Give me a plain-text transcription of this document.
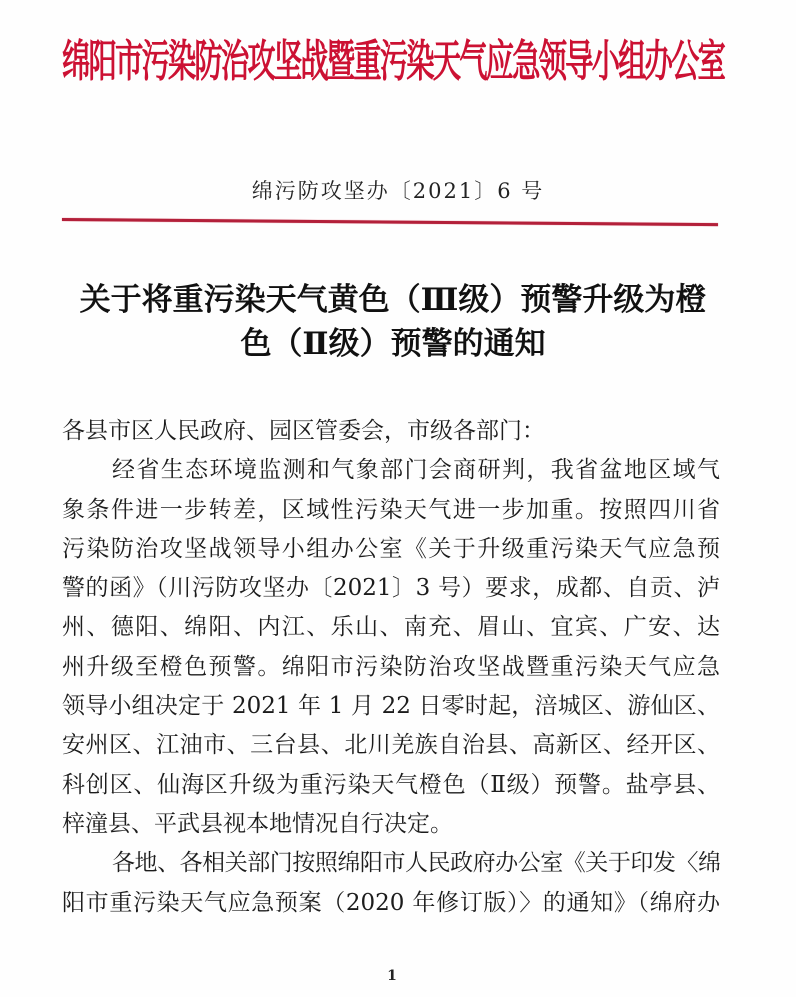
绵阳市污染防治攻坚战暨重污染天气应急领导小组办公室
绵污防攻坚办〔2021〕6 号
关于将重污染天气黄色（Ⅲ级）预警升级为橙
色（Ⅱ级）预警的通知
各县市区人民政府、园区管委会，市级各部门：
经省生态环境监测和气象部门会商研判，我省盆地区域气
象条件进一步转差，区域性污染天气进一步加重。按照四川省
污染防治攻坚战领导小组办公室《关于升级重污染天气应急预
警的函》（川污防攻坚办〔2021〕3 号）要求，成都、自贡、泸
州、德阳、绵阳、内江、乐山、南充、眉山、宜宾、广安、达
州升级至橙色预警。绵阳市污染防治攻坚战暨重污染天气应急
领导小组决定于 2021 年 1 月 22 日零时起，涪城区、游仙区、
安州区、江油市、三台县、北川羌族自治县、高新区、经开区、
科创区、仙海区升级为重污染天气橙色（Ⅱ级）预警。盐亭县、
梓潼县、平武县视本地情况自行决定。
各地、各相关部门按照绵阳市人民政府办公室《关于印发〈绵
阳市重污染天气应急预案（2020 年修订版）〉的通知》（绵府办
1
